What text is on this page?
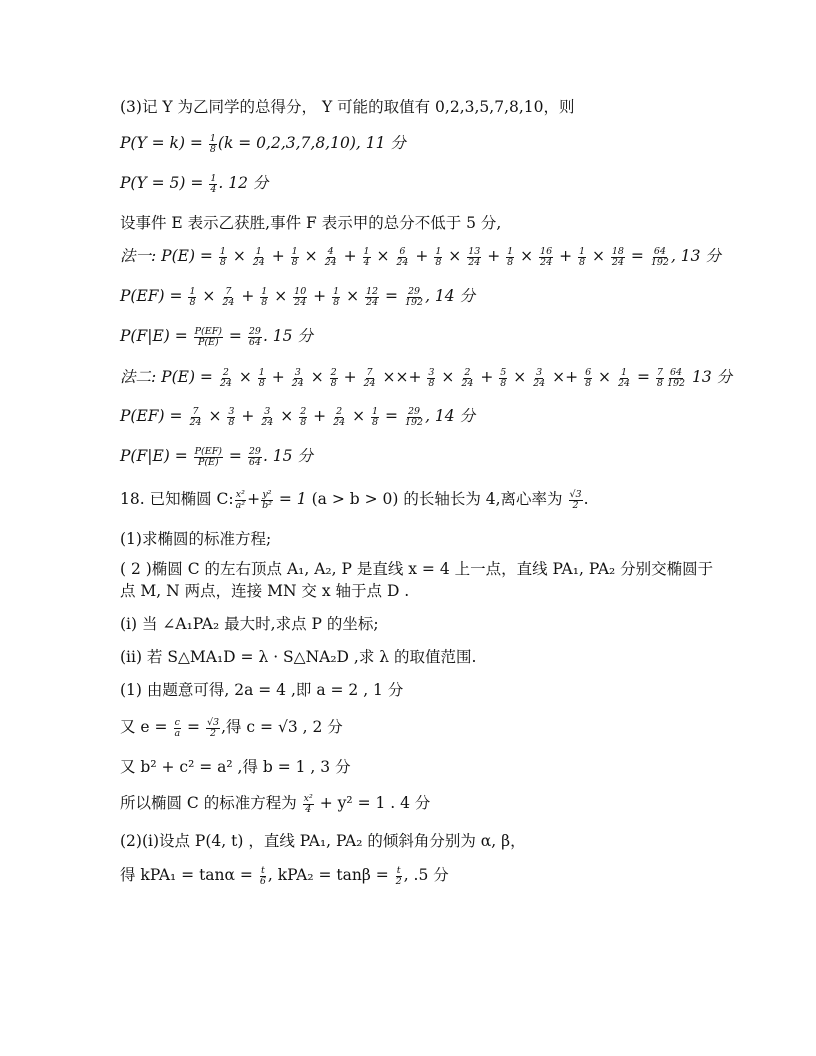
(3)记 Y 为乙同学的总得分， Y 可能的取值有 0,2,3,5,7,8,10，则
$P(Y = k) = \frac{1}{8} (k = 0,2,3,7,8,10)$, 11 分
$P(Y = 5) = \frac{1}{4}$ . 12 分
设事件 E 表示乙获胜,事件 F 表示甲的总分不低于 5 分,
法一: $P(E) = \frac{1}{8} \times \frac{1}{24} + \frac{1}{8} \times \frac{4}{24} + \frac{1}{4} \times \frac{6}{24} + \frac{1}{8} \times \frac{13}{24} + \frac{1}{8} \times \frac{16}{24} + \frac{1}{8} \times \frac{18}{24} = \frac{64}{192}$ , 13 分
$P(EF) = \frac{1}{8} \times \frac{7}{24} + \frac{1}{8} \times \frac{10}{24} + \frac{1}{8} \times \frac{12}{24} = \frac{29}{192}$ , 14 分
$P(F|E) = \frac{P(EF)}{P(E)} = \frac{29}{64}$ . 15 分
法二: $P(E) = \frac{2}{24} \times \frac{1}{8} + \frac{3}{24} \times \frac{2}{8} + \frac{7}{24}$ ××+ $\frac{3}{8} \times \frac{2}{24} + \frac{5}{8} \times \frac{3}{24} \times+ \frac{6}{8} \times \frac{1}{24} = \frac{7}{8} \frac{64}{192} 13$ 分
$P(EF) = \frac{7}{24} \times \frac{3}{8} + \frac{3}{24} \times \frac{2}{8} + \frac{2}{24} \times \frac{1}{8} = \frac{29}{192}$ , 14 分
$P(F|E) = \frac{P(EF)}{P(E)} = \frac{29}{64}$ . 15 分
18. 已知椭圆 C: $\frac{\text{x²}}{\text{a²}} + \frac{\text{y²}}{\text{b²}} = 1$ (a > b > 0) 的长轴长为 4,离心率为 $\frac{√3}{2}$ .
(1)求椭圆的标准方程;
( 2 )椭圆 C 的左右顶点 A₁, A₂, P 是直线 x = 4 上一点，直线 PA₁, PA₂ 分别交椭圆于点 M, N 两点，连接 MN 交 x 轴于点 D .
(i) 当 ∠A₁PA₂ 最大时,求点 P 的坐标;
(ii) 若 S△MA₁D = λ · S△NA₂D ,求 λ 的取值范围.
(1) 由题意可得, 2a = 4 ,即 a = 2 , 1 分
又 $e = \frac{c}{a} = \frac{√3}{2}$ ,得 c = √3 , 2 分
又 b² + c² = a² ,得 b = 1 , 3 分
所以椭圆 C 的标准方程为 $\frac{\text{x²}}{4} + y^2 = 1$ . 4 分
(2)(i)设点 P(4, t) ，直线 PA₁, PA₂ 的倾斜角分别为 α, β，
得 $kPA_1 = \tan\alpha = \frac{t}{6}$ , $kPA_2 = \tan\beta = \frac{t}{2}$ , .5 分
